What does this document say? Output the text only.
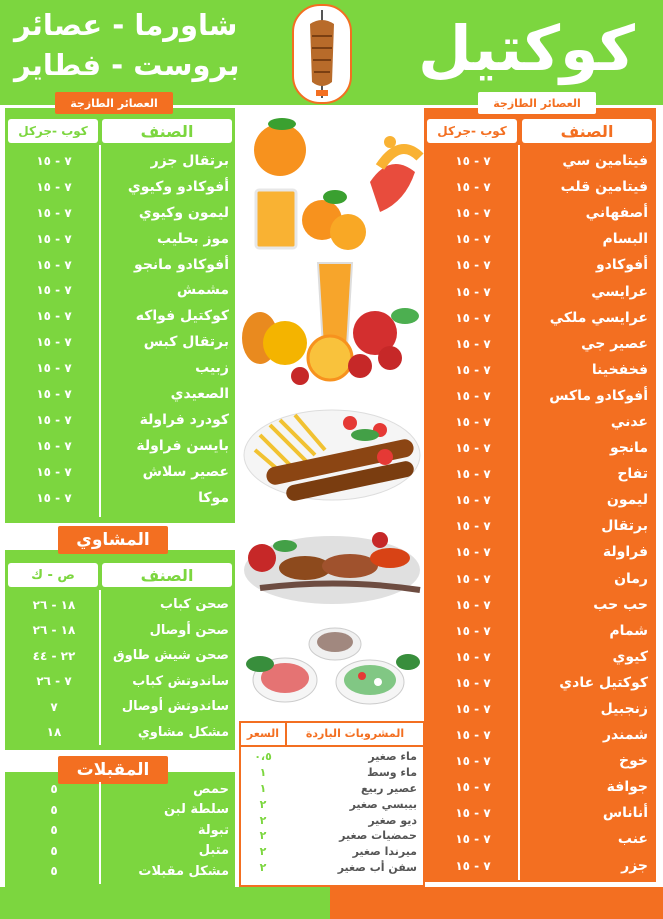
كوكتيل
شاورما - عصائر
بروست - فطاير
العصائر الطازجة
الصنف
كوب -جركل
٧ - ١٥	فيتامين سي
٧ - ١٥	فيتامين قلب
٧ - ١٥	أصفهاني
٧ - ١٥	البسام
٧ - ١٥	أفوكادو
٧ - ١٥	عرايسي
٧ - ١٥	عرايسي ملكي
٧ - ١٥	عصير جي
٧ - ١٥	فخفخينا
٧ - ١٥	أفوكادو ماكس
٧ - ١٥	عدني
٧ - ١٥	مانجو
٧ - ١٥	تفاح
٧ - ١٥	ليمون
٧ - ١٥	برتقال
٧ - ١٥	فراولة
٧ - ١٥	رمان
٧ - ١٥	حب حب
٧ - ١٥	شمام
٧ - ١٥	كيوي
٧ - ١٥	كوكتيل عادي
٧ - ١٥	زنجبيل
٧ - ١٥	شمندر
٧ - ١٥	خوخ
٧ - ١٥	جوافة
٧ - ١٥	أناناس
٧ - ١٥	عنب
٧ - ١٥	جزر
العصائر الطازجة
الصنف
كوب -جركل
٧ - ١٥	برتقال جزر
٧ - ١٥	أفوكادو وكيوي
٧ - ١٥	ليمون وكيوي
٧ - ١٥	موز بحليب
٧ - ١٥	أفوكادو مانجو
٧ - ١٥	مشمش
٧ - ١٥	كوكتيل فواكه
٧ - ١٥	برتقال كبس
٧ - ١٥	زبيب
٧ - ١٥	الصعيدي
٧ - ١٥	كودرد فراولة
٧ - ١٥	بايسن فراولة
٧ - ١٥	عصير سلاش
٧ - ١٥	موكا
المشاوي
الصنف
ص - ك
١٨ - ٢٦	صحن كباب
١٨ - ٢٦	صحن أوصال
٢٢ - ٤٤	صحن شيش طاوق
٧ - ٢٦	ساندوتش كباب
٧	ساندوتش أوصال
١٨	مشكل مشاوي
المقبلات
٥	حمص
٥	سلطة لبن
٥	تبولة
٥	متبل
٥	مشكل مقبلات
السعر	المشروبات الباردة
٠،٥	ماء صغير
١	ماء وسط
١	عصير ربيع
٢	بيبسي صغير
٢	ديو صغير
٢	حمضيات صغير
٢	ميرندا صغير
٢	سفن أب صغير
